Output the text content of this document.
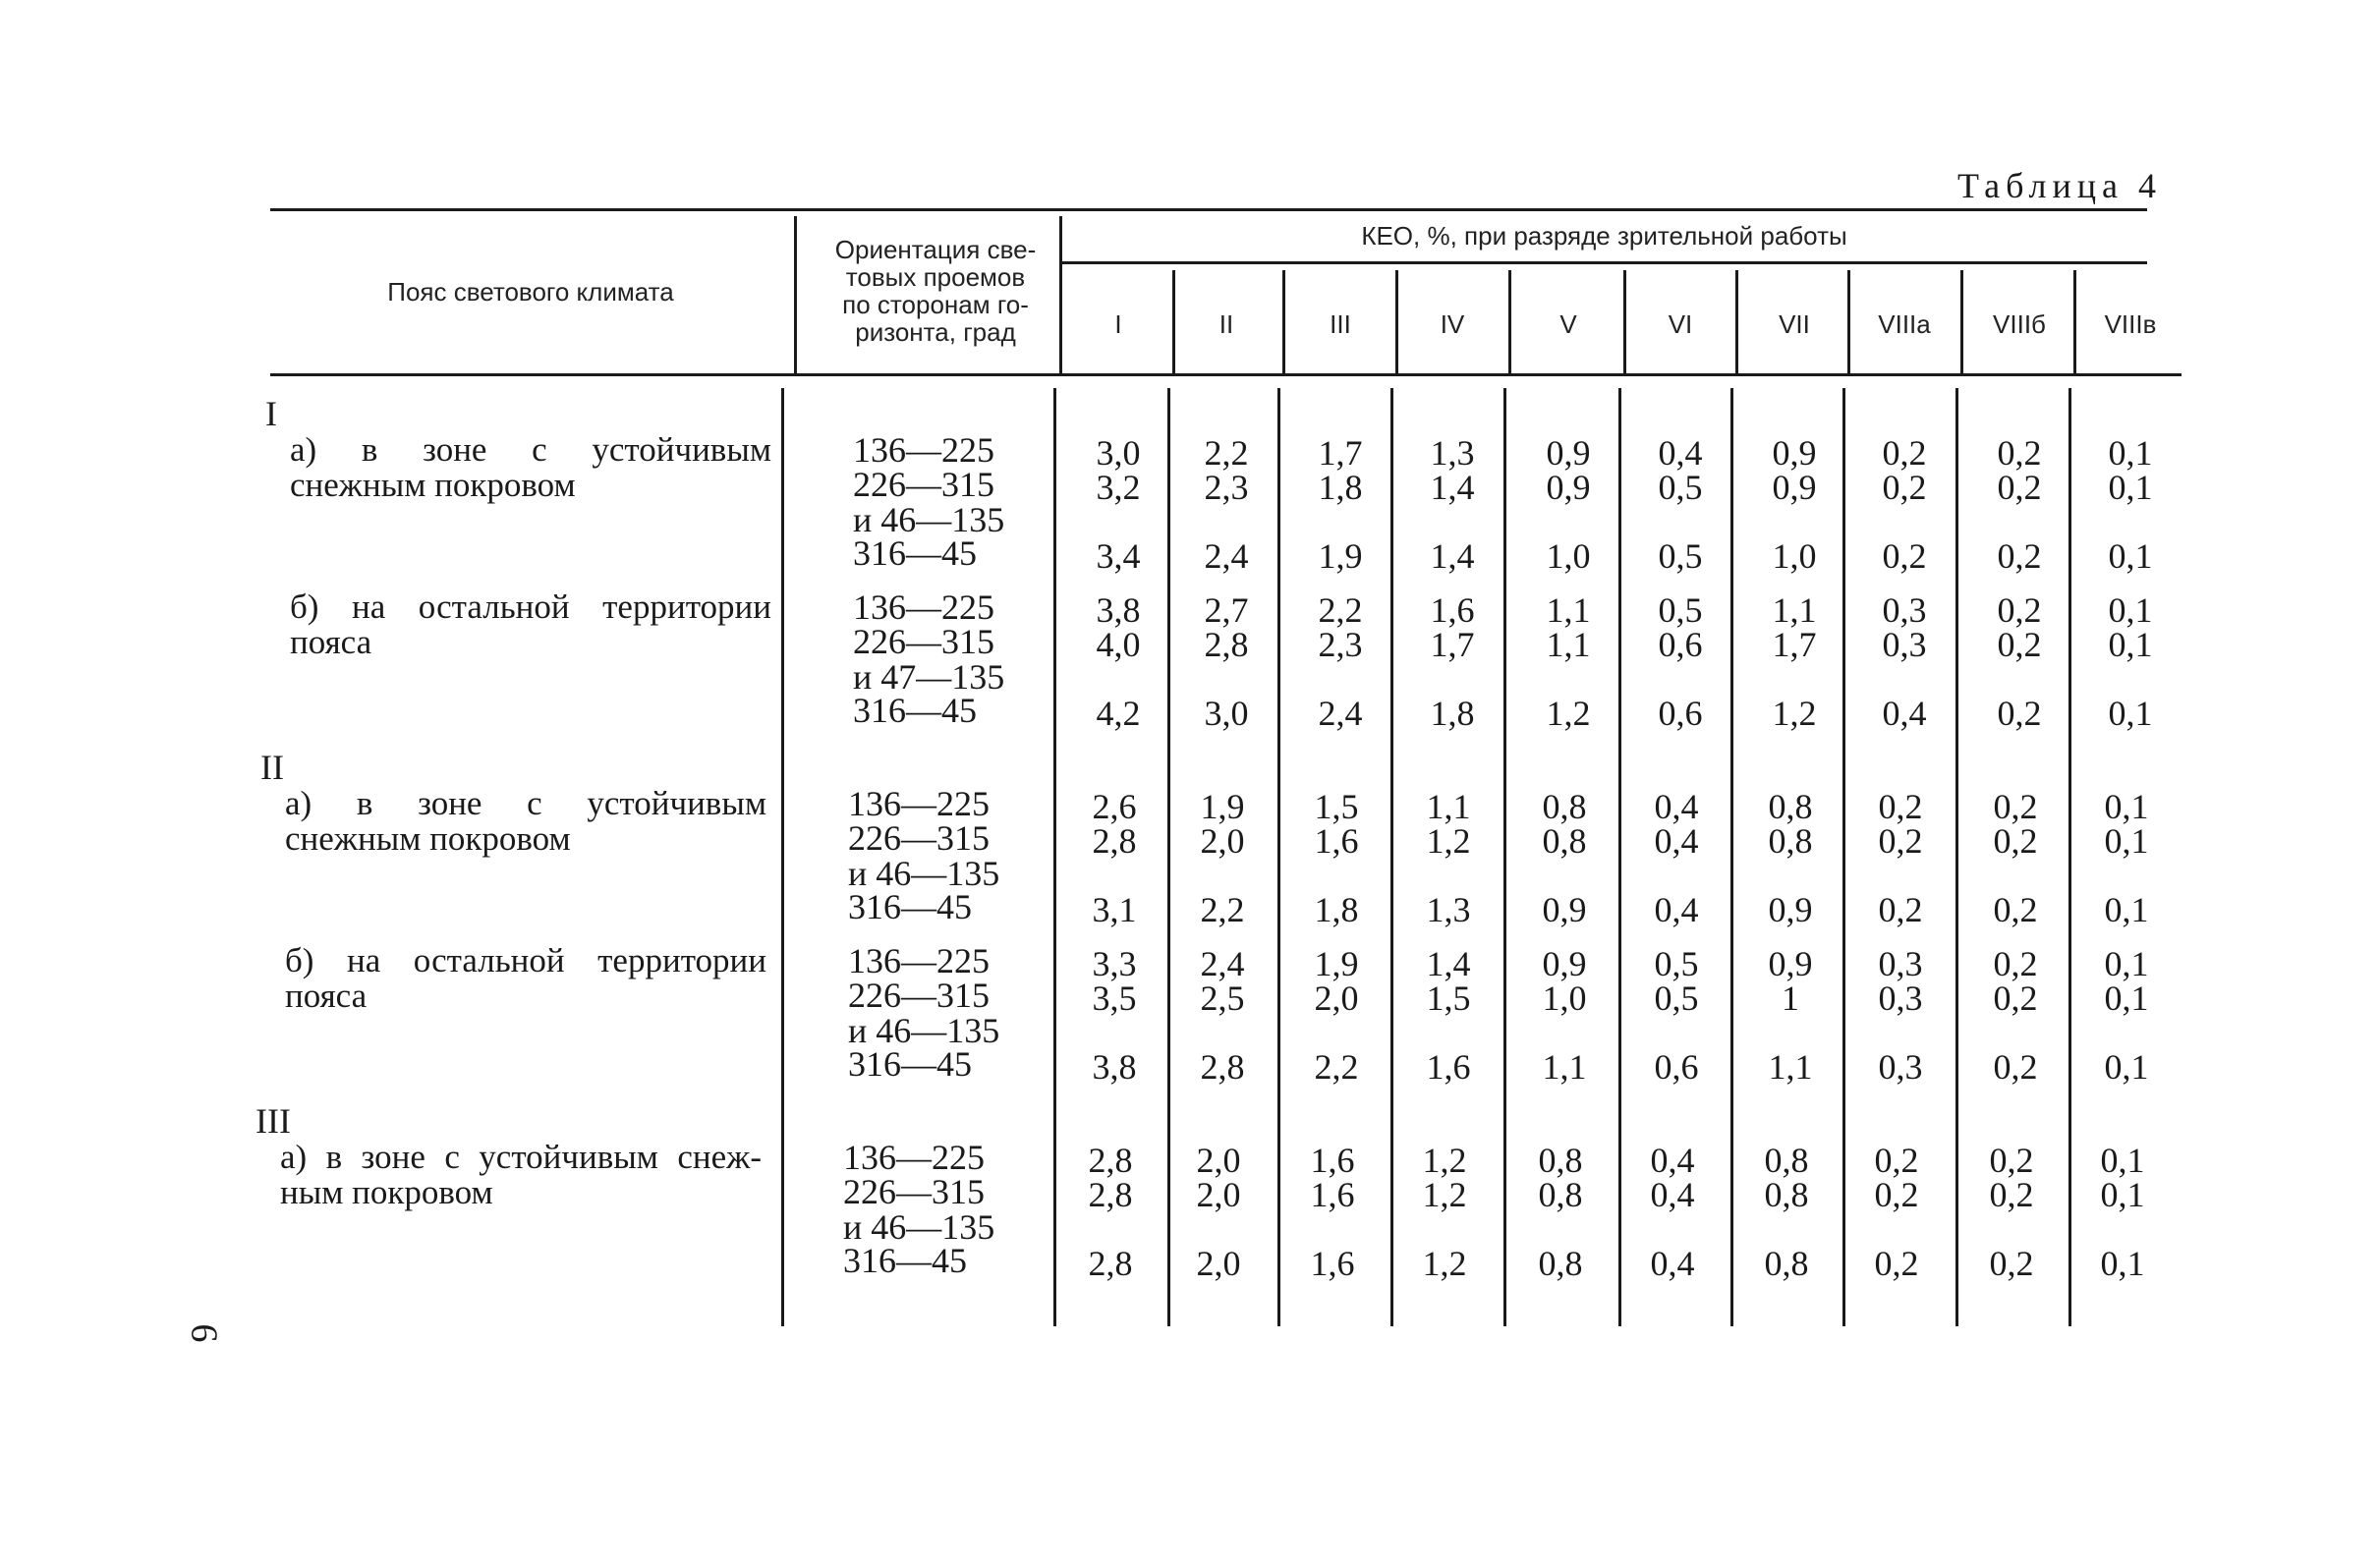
Таблица 4
6
Пояс светового климата
Ориентация све-
товых проемов
по сторонам го-
ризонта, град
КЕО, %, при разряде зрительной работы
I	II	III	IV	V	VI	VII	VIIIа	VIIIб	VIIIв
I
а) в зоне с устойчивым
снежным покровом
136—225	3,0	2,2	1,7	1,3	0,9	0,4	0,9	0,2	0,2	0,1
226—315
и 46—135
3,2	2,3	1,8	1,4	0,9	0,5	0,9	0,2	0,2	0,1
316—45	3,4	2,4	1,9	1,4	1,0	0,5	1,0	0,2	0,2	0,1
б) на остальной территории
пояса
136—225	3,8	2,7	2,2	1,6	1,1	0,5	1,1	0,3	0,2	0,1
226—315
и 47—135
4,0	2,8	2,3	1,7	1,1	0,6	1,7	0,3	0,2	0,1
316—45	4,2	3,0	2,4	1,8	1,2	0,6	1,2	0,4	0,2	0,1
II
а) в зоне с устойчивым
снежным покровом
136—225	2,6	1,9	1,5	1,1	0,8	0,4	0,8	0,2	0,2	0,1
226—315
и 46—135
2,8	2,0	1,6	1,2	0,8	0,4	0,8	0,2	0,2	0,1
316—45	3,1	2,2	1,8	1,3	0,9	0,4	0,9	0,2	0,2	0,1
б) на остальной территории
пояса
136—225	3,3	2,4	1,9	1,4	0,9	0,5	0,9	0,3	0,2	0,1
226—315
и 46—135
3,5	2,5	2,0	1,5	1,0	0,5	1	0,3	0,2	0,1
316—45	3,8	2,8	2,2	1,6	1,1	0,6	1,1	0,3	0,2	0,1
III
а) в зоне с устойчивым снеж-
ным покровом
136—225	2,8	2,0	1,6	1,2	0,8	0,4	0,8	0,2	0,2	0,1
226—315
и 46—135
2,8	2,0	1,6	1,2	0,8	0,4	0,8	0,2	0,2	0,1
316—45	2,8	2,0	1,6	1,2	0,8	0,4	0,8	0,2	0,2	0,1
